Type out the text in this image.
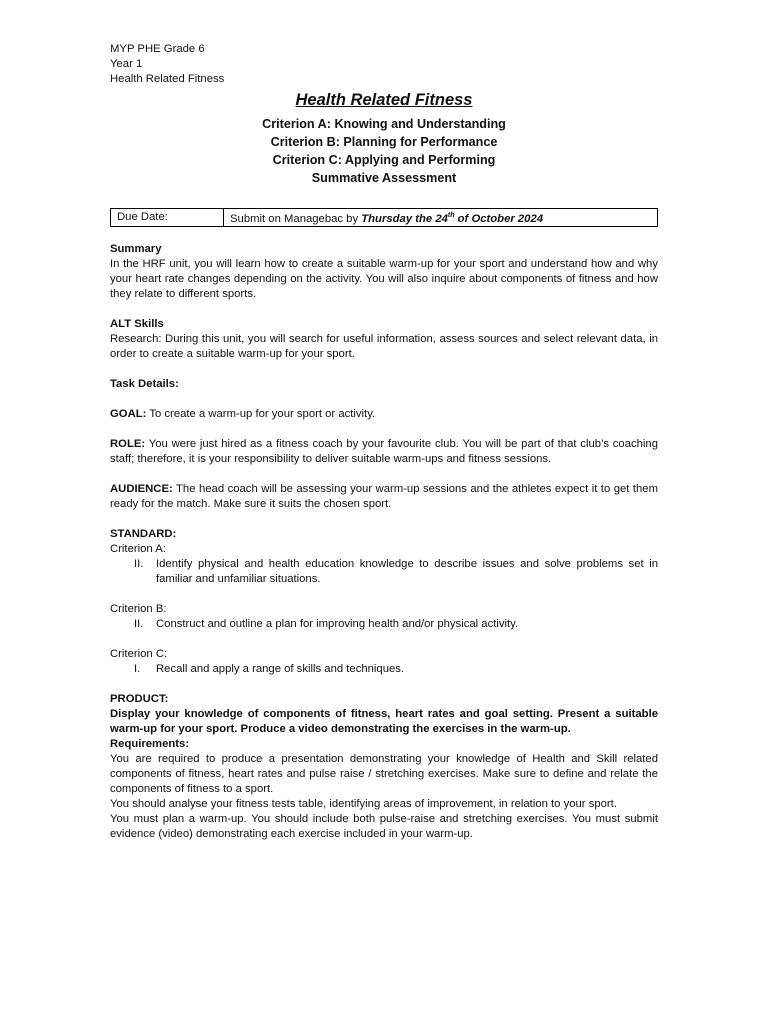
MYP PHE Grade 6
Year 1
Health Related Fitness
Health Related Fitness
Criterion A: Knowing and Understanding
Criterion B: Planning for Performance
Criterion C: Applying and Performing
Summative Assessment
Due Date:	Submit on Managebac by Thursday the 24th of October 2024
Summary

In the HRF unit, you will learn how to create a suitable warm-up for your sport and understand how and why your heart rate changes depending on the activity. You will also inquire about components of fitness and how they relate to different sports.

ALT Skills

Research: During this unit, you will search for useful information, assess sources and select relevant data, in order to create a suitable warm-up for your sport.

Task Details:

GOAL: To create a warm-up for your sport or activity.

ROLE: You were just hired as a fitness coach by your favourite club. You will be part of that club’s coaching staff; therefore, it is your responsibility to deliver suitable warm-ups and fitness sessions.

AUDIENCE: The head coach will be assessing your warm-up sessions and the athletes expect it to get them ready for the match. Make sure it suits the chosen sport.

STANDARD:
Criterion A:
II.	Identify physical and health education knowledge to describe issues and solve problems set in familiar and unfamiliar situations.
Criterion B:
II.	Construct and outline a plan for improving health and/or physical activity.
Criterion C:
I.	Recall and apply a range of skills and techniques.
PRODUCT:

Display your knowledge of components of fitness, heart rates and goal setting. Present a suitable warm-up for your sport. Produce a video demonstrating the exercises in the warm-up.

Requirements:

You are required to produce a presentation demonstrating your knowledge of Health and Skill related components of fitness, heart rates and pulse raise / stretching exercises. Make sure to define and relate the components of fitness to a sport.

You should analyse your fitness tests table, identifying areas of improvement, in relation to your sport.

You must plan a warm-up. You should include both pulse-raise and stretching exercises. You must submit evidence (video) demonstrating each exercise included in your warm-up.
